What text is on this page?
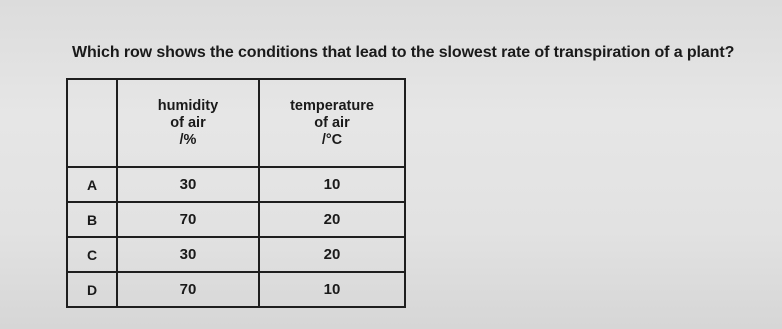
Which row shows the conditions that lead to the slowest rate of transpiration of a plant?

	humidity
of air
/%	temperature
of air
/°C

A	30	10
B	70	20
C	30	20
D	70	10
